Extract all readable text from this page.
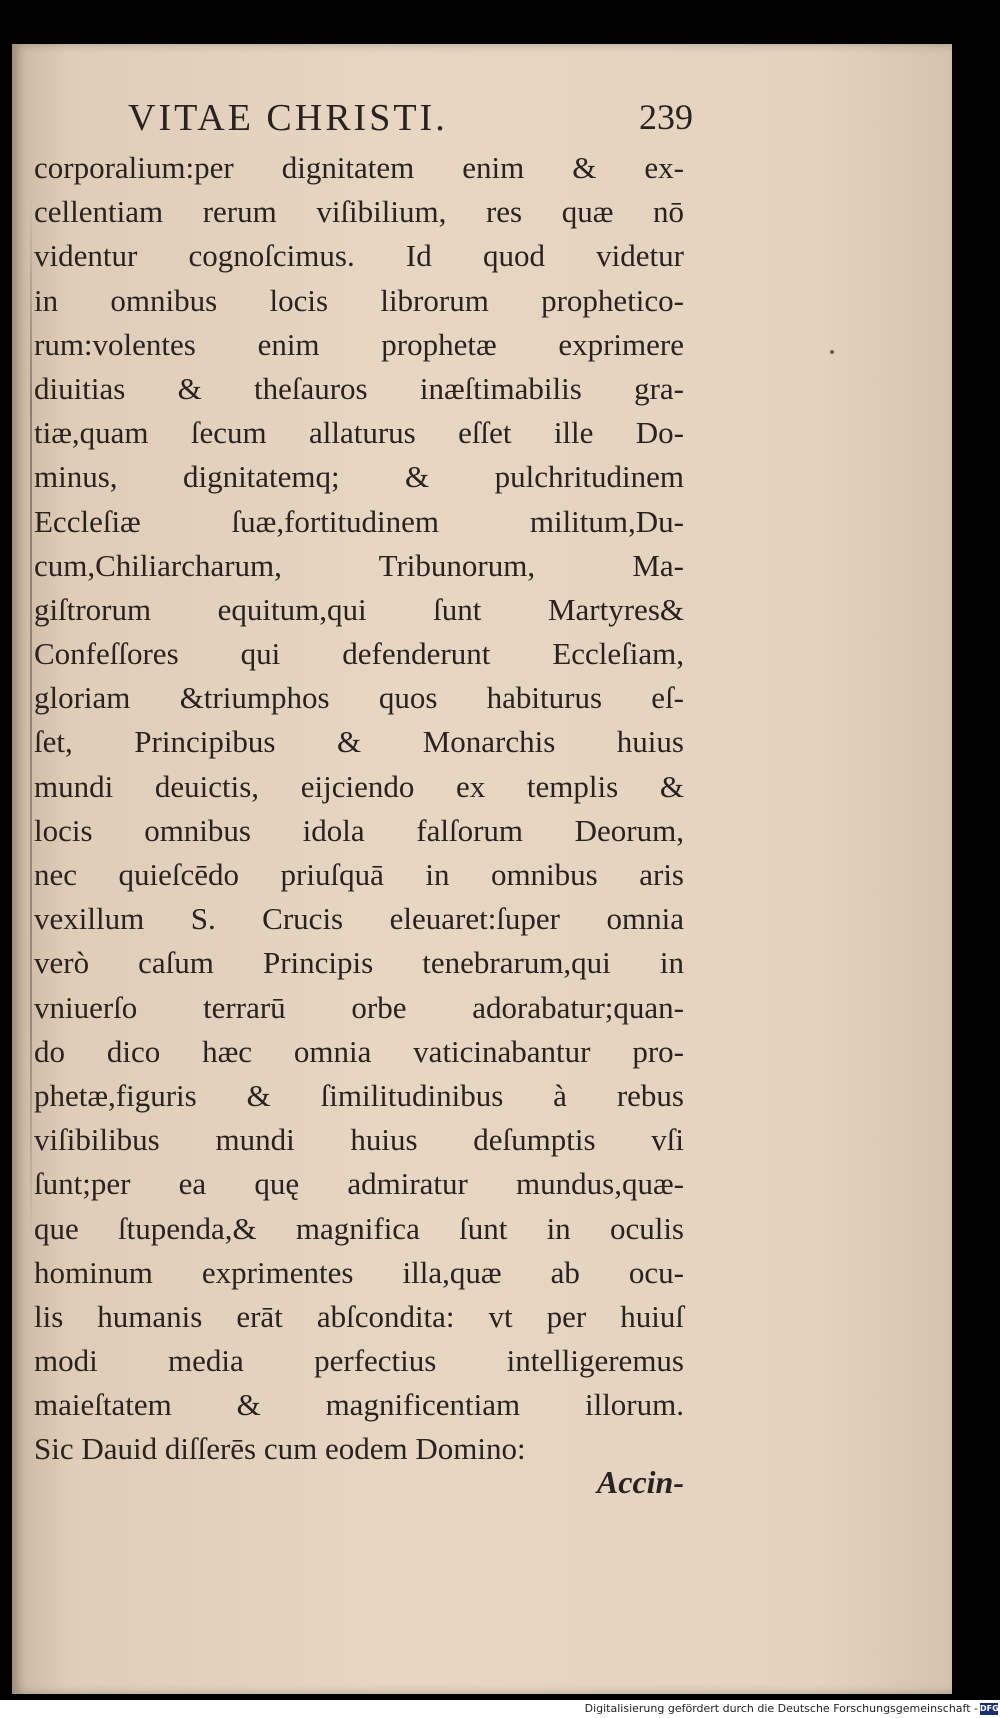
VITAE CHRISTI.	239
corporalium:per dignitatem enim & ex-
cellentiam rerum viſibilium, res quæ nō
videntur cognoſcimus. Id quod videtur
in omnibus locis librorum prophetico-
rum:volentes enim prophetæ exprimere
diuitias & theſauros inæſtimabilis gra-
tiæ,quam ſecum allaturus eſſet ille Do-
minus, dignitatemq; & pulchritudinem
Eccleſiæ ſuæ,fortitudinem militum,Du-
cum,Chiliarcharum, Tribunorum, Ma-
giſtrorum equitum,qui ſunt Martyres&
Confeſſores qui defenderunt Eccleſiam,
gloriam &triumphos quos habiturus eſ-
ſet, Principibus & Monarchis huius
mundi deuictis, eijciendo ex templis &
locis omnibus idola falſorum Deorum,
nec quieſcēdo priuſquā in omnibus aris
vexillum S. Crucis eleuaret:ſuper omnia
verò caſum Principis tenebrarum,qui in
vniuerſo terrarū orbe adorabatur;quan-
do dico hæc omnia vaticinabantur pro-
phetæ,figuris & ſimilitudinibus à rebus
viſibilibus mundi huius deſumptis vſi
ſunt;per ea quę admiratur mundus,quæ-
que ſtupenda,& magnifica ſunt in oculis
hominum exprimentes illa,quæ ab ocu-
lis humanis erāt abſcondita: vt per huiuſ
modi media perfectius intelligeremus
maieſtatem & magnificentiam illorum.
Sic Dauid diſſerēs cum eodem Domino:
Accin-
Digitalisierung gefördert durch die Deutsche Forschungsgemeinschaft - DFG
